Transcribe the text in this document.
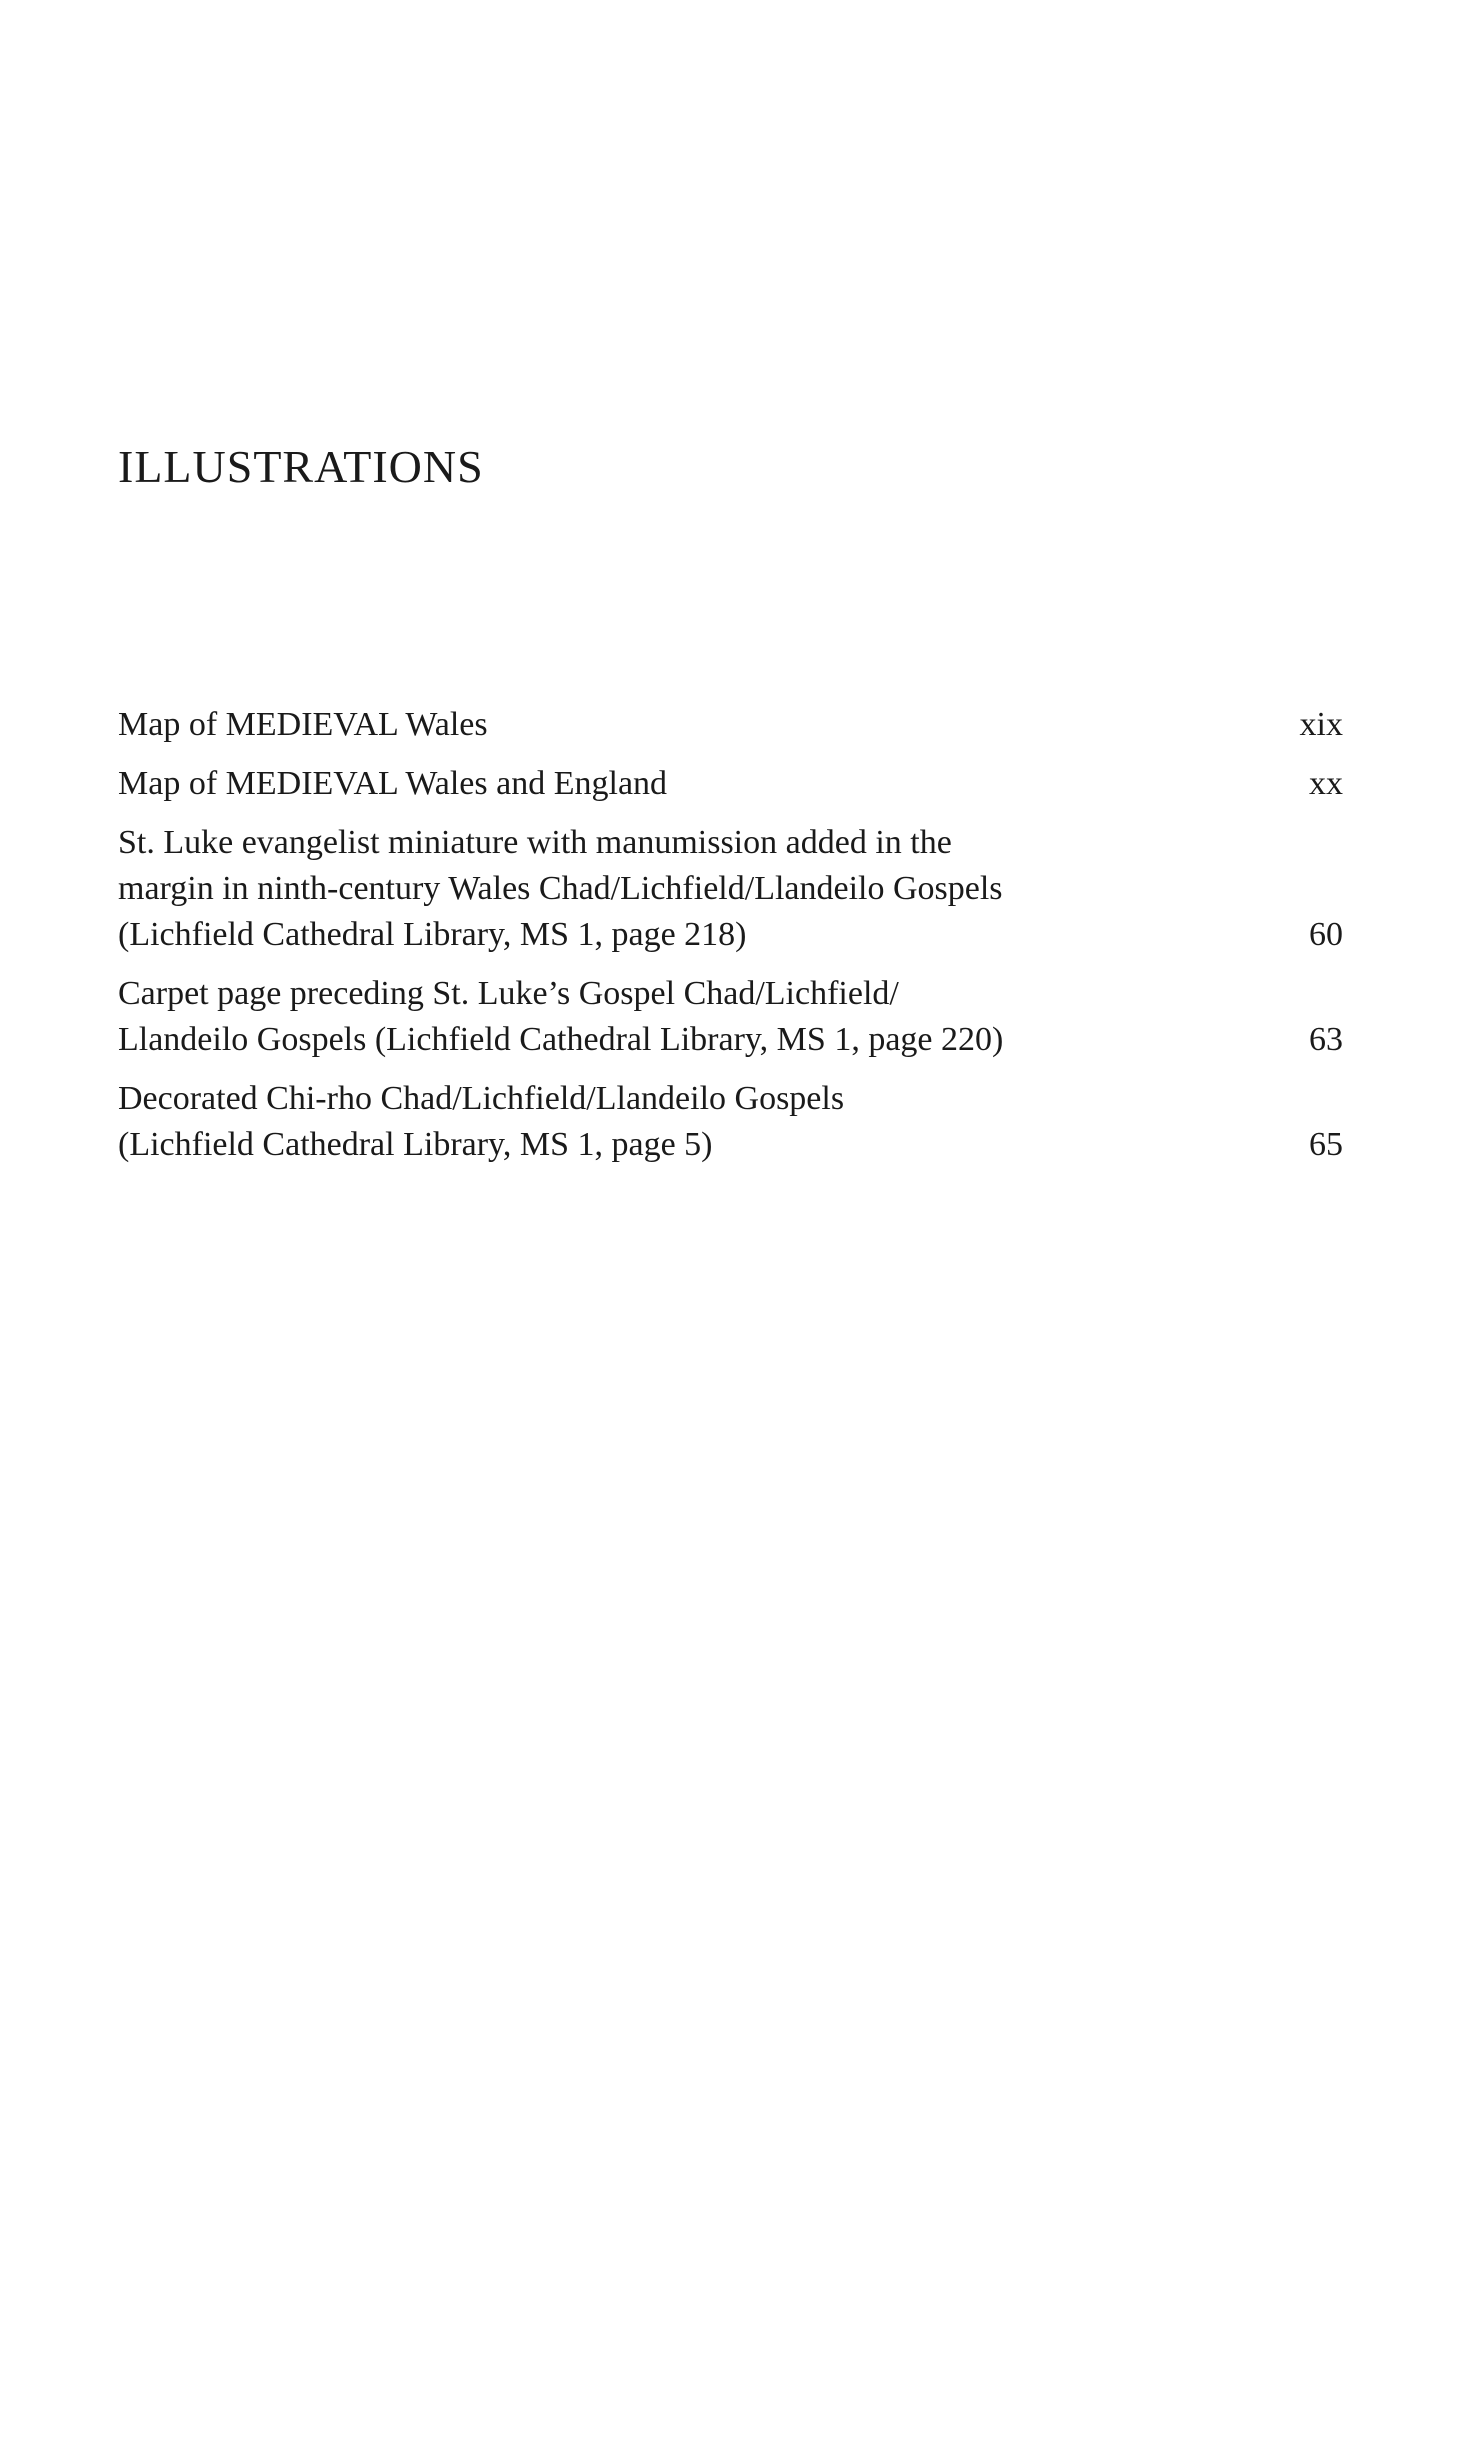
ILLUSTRATIONS
Map of MEDIEVAL Wales	xix
Map of MEDIEVAL Wales and England	xx
St. Luke evangelist miniature with manumission added in the
margin in ninth-century Wales Chad/Lichfield/Llandeilo Gospels
(Lichfield Cathedral Library, MS 1, page 218)	60
Carpet page preceding St. Luke’s Gospel Chad/Lichfield/
Llandeilo Gospels (Lichfield Cathedral Library, MS 1, page 220)	63
Decorated Chi-rho Chad/Lichfield/Llandeilo Gospels
(Lichfield Cathedral Library, MS 1, page 5)	65
